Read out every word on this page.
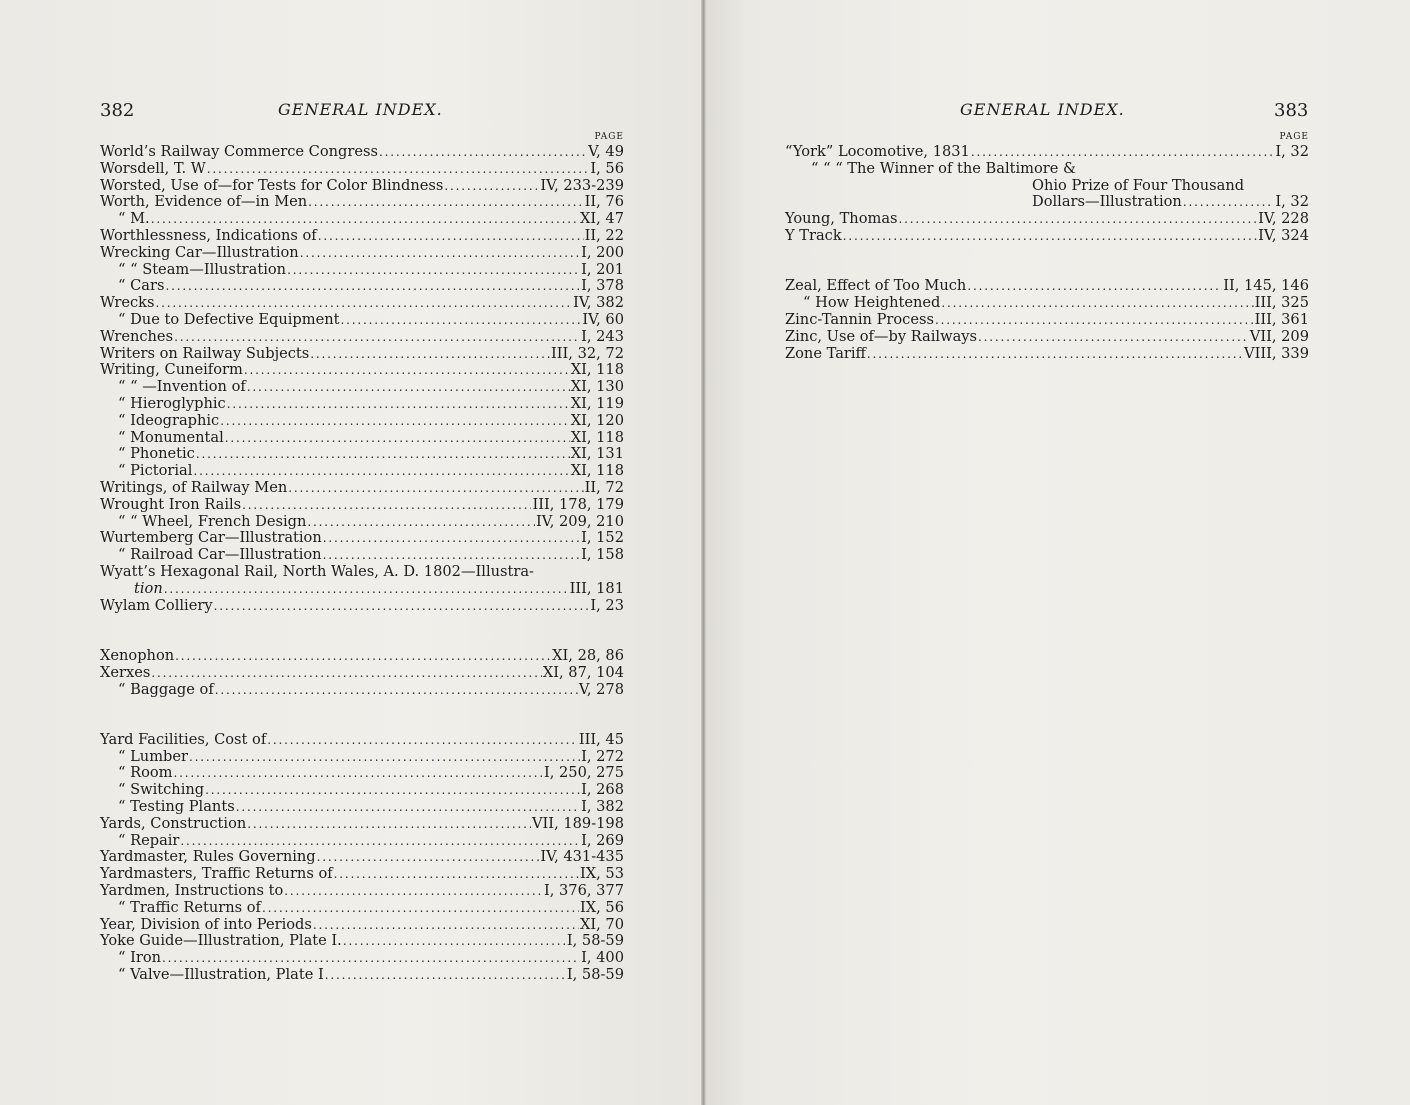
382	GENERAL INDEX.
PAGE
World’s Railway Commerce Congress . . .	V, 49
Worsdell, T. W . . .	I, 56
Worsted, Use of—for Tests for Color Blindness . . .	IV, 233-239
Worth, Evidence of—in Men . . .	II, 76
“ M. . . .	XI, 47
Worthlessness, Indications of . . .	II, 22
Wrecking Car—Illustration . . .	I, 200
“ “ Steam—Illustration . . .	I, 201
“ Cars . . .	I, 378
Wrecks . . .	IV, 382
“ Due to Defective Equipment . . .	IV, 60
Wrenches . . .	I, 243
Writers on Railway Subjects . . .	III, 32, 72
Writing, Cuneiform . . .	XI, 118
“ “ —Invention of . . .	XI, 130
“ Hieroglyphic . . .	XI, 119
“ Ideographic . . .	XI, 120
“ Monumental . . .	XI, 118
“ Phonetic . . .	XI, 131
“ Pictorial . . .	XI, 118
Writings, of Railway Men . . .	II, 72
Wrought Iron Rails . . .	III, 178, 179
“ “ Wheel, French Design . . .	IV, 209, 210
Wurtemberg Car—Illustration . . .	I, 152
“ Railroad Car—Illustration . . .	I, 158
Wyatt’s Hexagonal Rail, North Wales, A. D. 1802—Illustra-
tion . . .	III, 181
Wylam Colliery . . .	I, 23
Xenophon . . .	XI, 28, 86
Xerxes . . .	XI, 87, 104
“ Baggage of . . .	V, 278
Yard Facilities, Cost of . . .	III, 45
“ Lumber . . .	I, 272
“ Room . . .	I, 250, 275
“ Switching . . .	I, 268
“ Testing Plants . . .	I, 382
Yards, Construction . . .	VII, 189-198
“ Repair . . .	I, 269
Yardmaster, Rules Governing . . .	IV, 431-435
Yardmasters, Traffic Returns of . . .	IX, 53
Yardmen, Instructions to . . .	I, 376, 377
“ Traffic Returns of . . .	IX, 56
Year, Division of into Periods . . .	XI, 70
Yoke Guide—Illustration, Plate I. . . .	I, 58-59
“ Iron . . .	I, 400
“ Valve—Illustration, Plate I . . .	I, 58-59
GENERAL INDEX.	383
PAGE
“York” Locomotive, 1831 . . .	I, 32
“ “ “ The Winner of the Baltimore &
Ohio Prize of Four Thousand
Dollars—Illustration . . .	I, 32
Young, Thomas . . .	IV, 228
Y Track . . .	IV, 324
Zeal, Effect of Too Much . . .	II, 145, 146
“ How Heightened . . .	III, 325
Zinc-Tannin Process . . .	III, 361
Zinc, Use of—by Railways . . .	VII, 209
Zone Tariff . . .	VIII, 339
